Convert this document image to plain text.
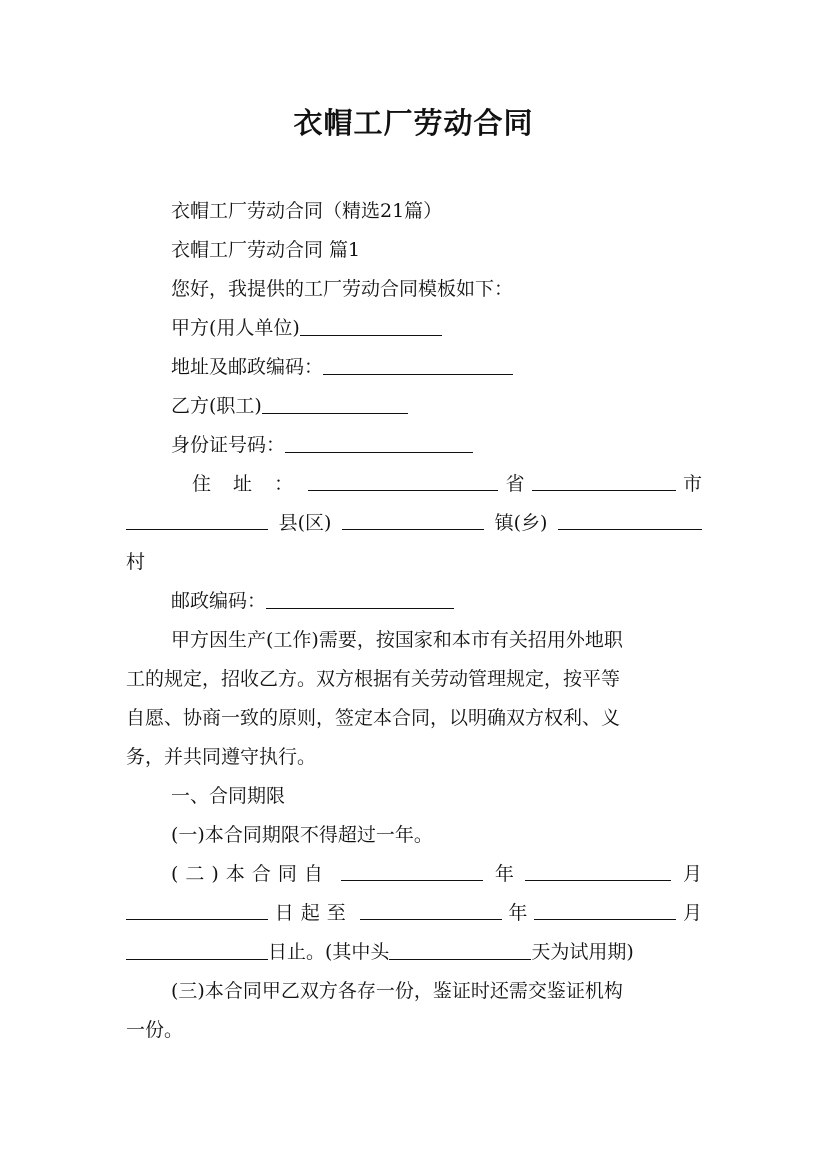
衣帽工厂劳动合同
衣帽工厂劳动合同（精选21篇）
衣帽工厂劳动合同 篇1
您好，我提供的工厂劳动合同模板如下：
甲方(用人单位)
地址及邮政编码：
乙方(职工)
身份证号码：
住 址 ：	省	市
县(区)	镇(乡)
村
邮政编码：
甲方因生产(工作)需要，按国家和本市有关招用外地职
工的规定，招收乙方。双方根据有关劳动管理规定，按平等
自愿、协商一致的原则，签定本合同，以明确双方权利、义
务，并共同遵守执行。
一、合同期限
(一)本合同期限不得超过一年。
(二)本合同自	年	月
日起至	年	月
日止。(其中头	天为试用期)
(三)本合同甲乙双方各存一份，鉴证时还需交鉴证机构
一份。
